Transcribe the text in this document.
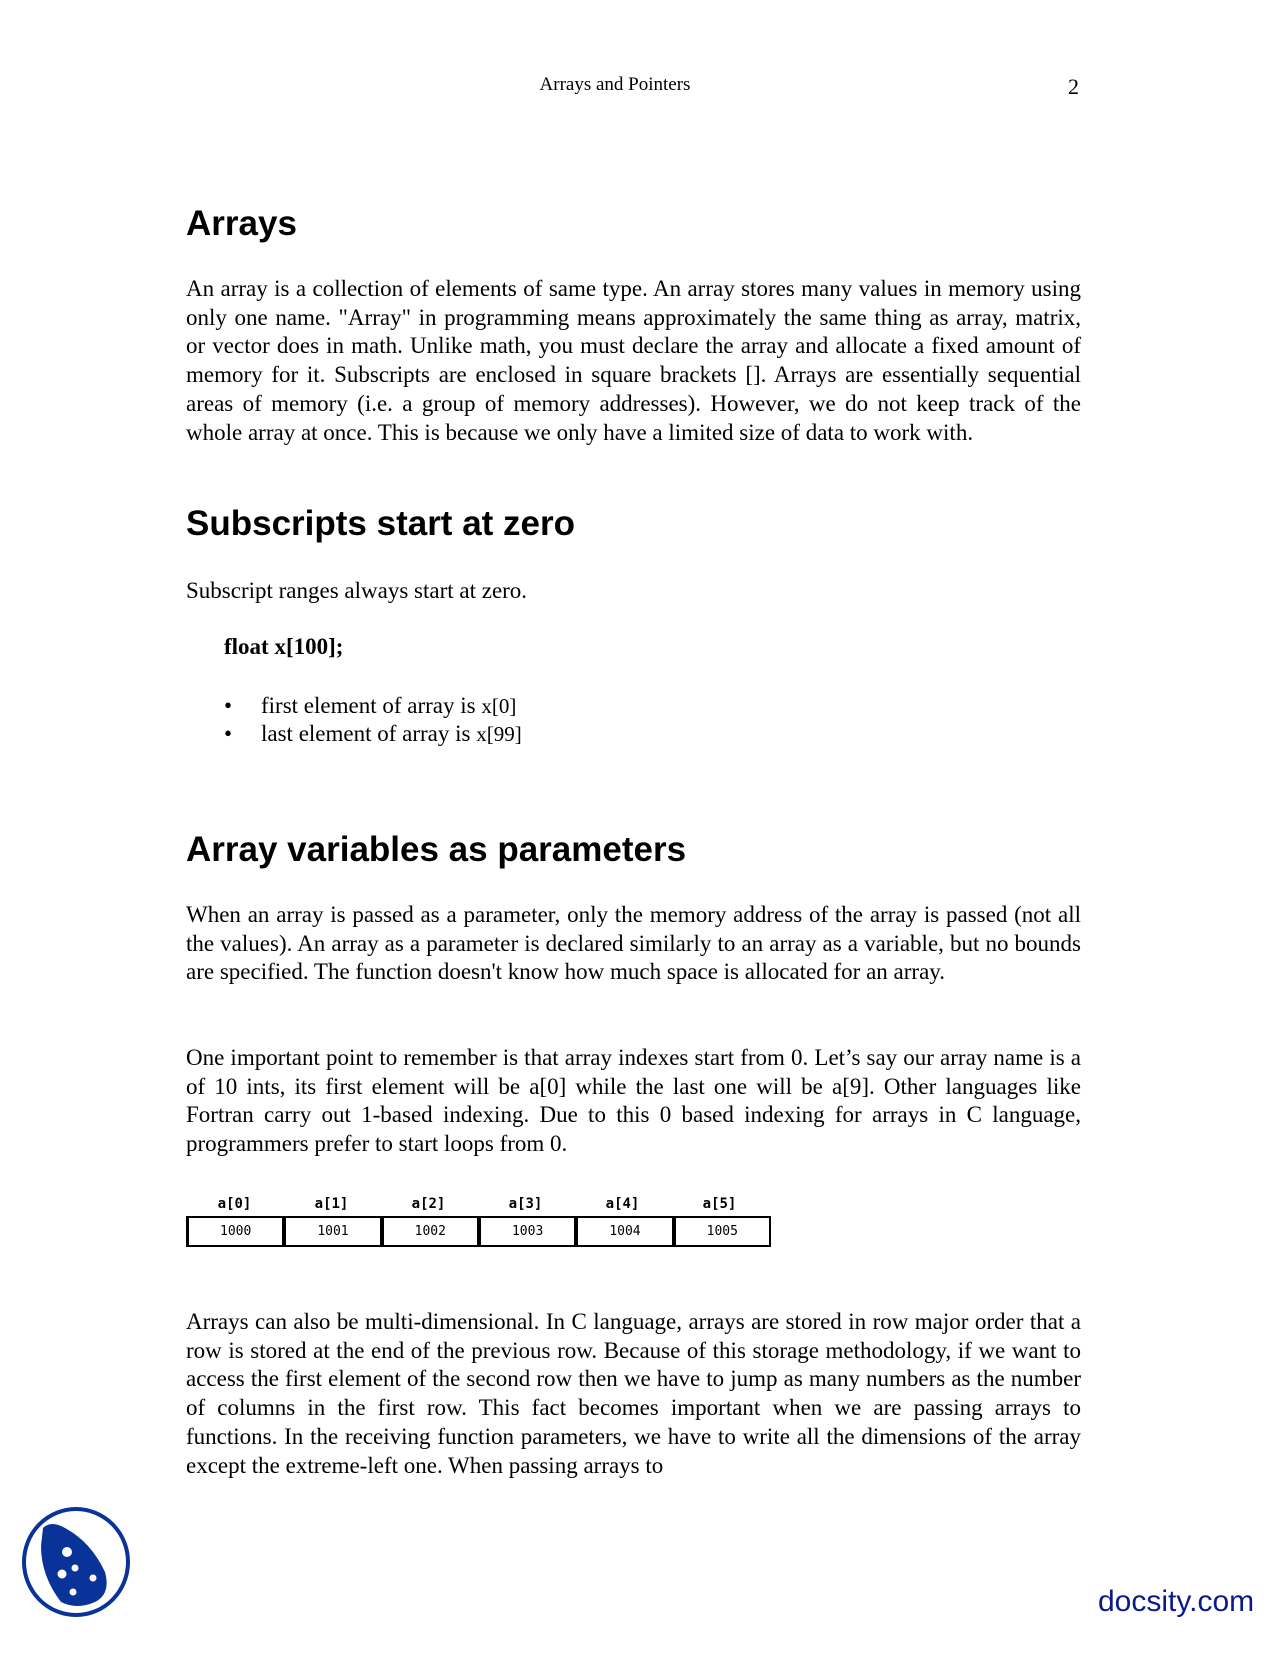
Arrays and Pointers	2
Arrays

An array is a collection of elements of same type. An array stores many values in memory using only one name. "Array" in programming means approximately the same thing as array, matrix, or vector does in math. Unlike math, you must declare the array and allocate a fixed amount of memory for it. Subscripts are enclosed in square brackets []. Arrays are essentially sequential areas of memory (i.e. a group of memory addresses). However, we do not keep track of the whole array at once. This is because we only have a limited size of data to work with.

Subscripts start at zero

Subscript ranges always start at zero.

float x[100];
• first element of array is x[0]
• last element of array is x[99]
Array variables as parameters

When an array is passed as a parameter, only the memory address of the array is passed (not all the values). An array as a parameter is declared similarly to an array as a variable, but no bounds are specified. The function doesn't know how much space is allocated for an array.

One important point to remember is that array indexes start from 0. Let’s say our array name is a of 10 ints, its first element will be a[0] while the last one will be a[9]. Other languages like Fortran carry out 1-based indexing. Due to this 0 based indexing for arrays in C language, programmers prefer to start loops from 0.

a[0]	a[1]	a[2]	a[3]	a[4]	a[5]
1000	1001	1002	1003	1004	1005

Arrays can also be multi-dimensional. In C language, arrays are stored in row major order that a row is stored at the end of the previous row. Because of this storage methodology, if we want to access the first element of the second row then we have to jump as many numbers as the number of columns in the first row. This fact becomes important when we are passing arrays to functions. In the receiving function parameters, we have to write all the dimensions of the array except the extreme-left one. When passing arrays to

docsity.com
